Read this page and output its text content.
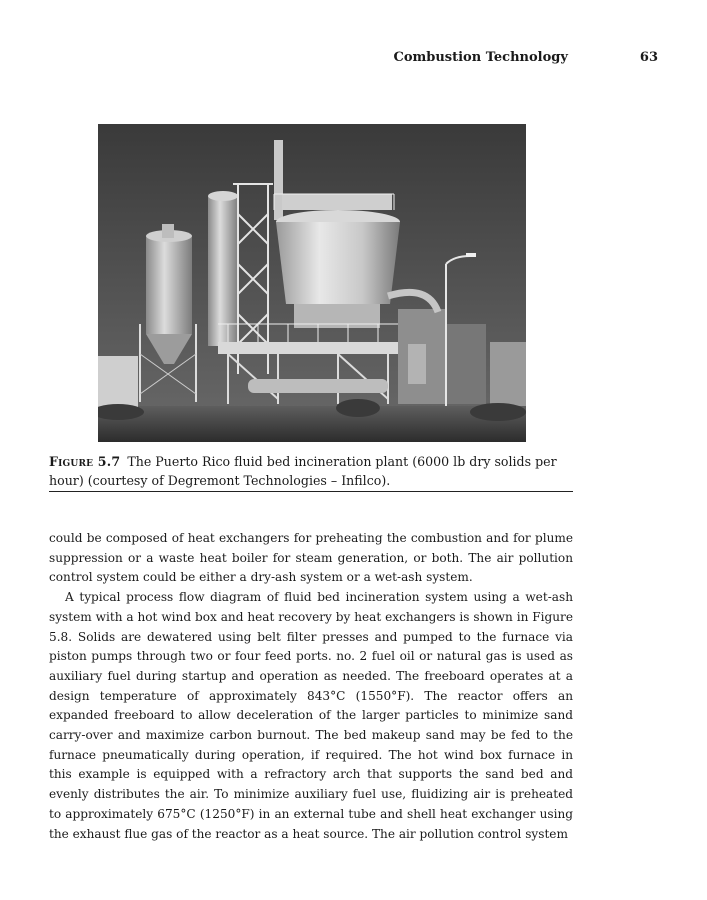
Combustion Technology	63
Figure 5.7 The Puerto Rico fluid bed incineration plant (6000 lb dry solids per hour) (courtesy of Degremont Technologies – Infilco).

could be composed of heat exchangers for preheating the combustion and for plume suppression or a waste heat boiler for steam generation, or both. The air pollution control system could be either a dry-ash system or a wet-ash system.

A typical process flow diagram of fluid bed incineration system using a wet-ash system with a hot wind box and heat recovery by heat exchangers is shown in Figure 5.8. Solids are dewatered using belt filter presses and pumped to the furnace via piston pumps through two or four feed ports. no. 2 fuel oil or natural gas is used as auxiliary fuel during startup and operation as needed. The freeboard operates at a design temperature of approximately 843°C (1550°F). The reactor offers an expanded freeboard to allow deceleration of the larger particles to minimize sand carry-over and maximize carbon burnout. The bed makeup sand may be fed to the furnace pneumatically during operation, if required. The hot wind box furnace in this example is equipped with a refractory arch that supports the sand bed and evenly distributes the air. To minimize auxiliary fuel use, fluidizing air is preheated to approximately 675°C (1250°F) in an external tube and shell heat exchanger using the exhaust flue gas of the reactor as a heat source. The air pollution control system
